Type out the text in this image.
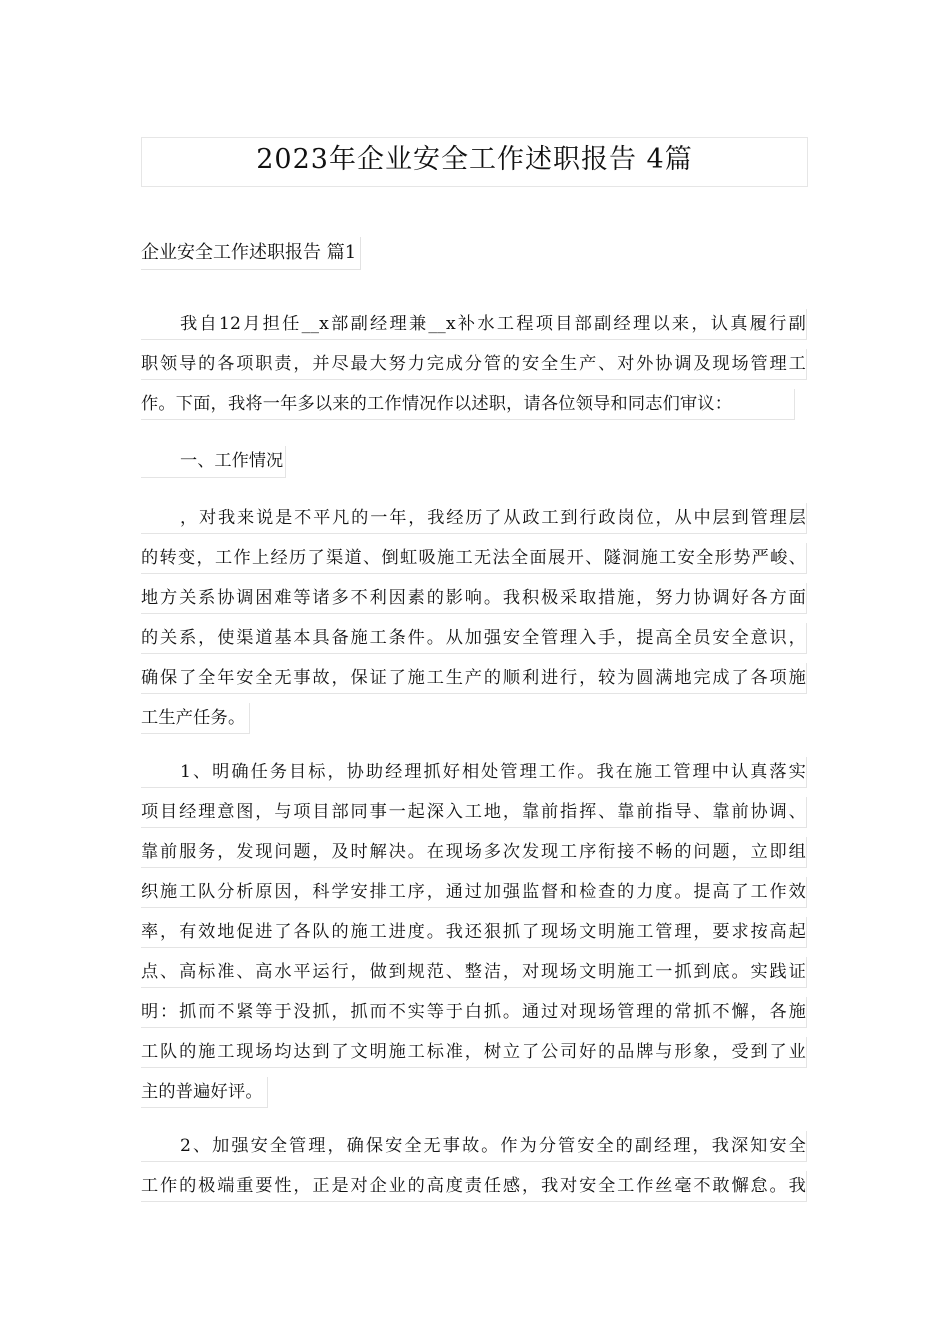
2023年企业安全工作述职报告 4篇
企业安全工作述职报告 篇1
我自12月担任__x部副经理兼__x补水工程项目部副经理以来，认真履行副
职领导的各项职责，并尽最大努力完成分管的安全生产、对外协调及现场管理工
作。下面，我将一年多以来的工作情况作以述职，请各位领导和同志们审议：
一、工作情况
，对我来说是不平凡的一年，我经历了从政工到行政岗位，从中层到管理层
的转变，工作上经历了渠道、倒虹吸施工无法全面展开、隧洞施工安全形势严峻、
地方关系协调困难等诸多不利因素的影响。我积极采取措施，努力协调好各方面
的关系，使渠道基本具备施工条件。从加强安全管理入手，提高全员安全意识，
确保了全年安全无事故，保证了施工生产的顺利进行，较为圆满地完成了各项施
工生产任务。
1、明确任务目标，协助经理抓好相处管理工作。我在施工管理中认真落实
项目经理意图，与项目部同事一起深入工地，靠前指挥、靠前指导、靠前协调、
靠前服务，发现问题，及时解决。在现场多次发现工序衔接不畅的问题，立即组
织施工队分析原因，科学安排工序，通过加强监督和检查的力度。提高了工作效
率，有效地促进了各队的施工进度。我还狠抓了现场文明施工管理，要求按高起
点、高标准、高水平运行，做到规范、整洁，对现场文明施工一抓到底。实践证
明：抓而不紧等于没抓，抓而不实等于白抓。通过对现场管理的常抓不懈，各施
工队的施工现场均达到了文明施工标准，树立了公司好的品牌与形象，受到了业
主的普遍好评。
2、加强安全管理，确保安全无事故。作为分管安全的副经理，我深知安全
工作的极端重要性，正是对企业的高度责任感，我对安全工作丝毫不敢懈怠。我
